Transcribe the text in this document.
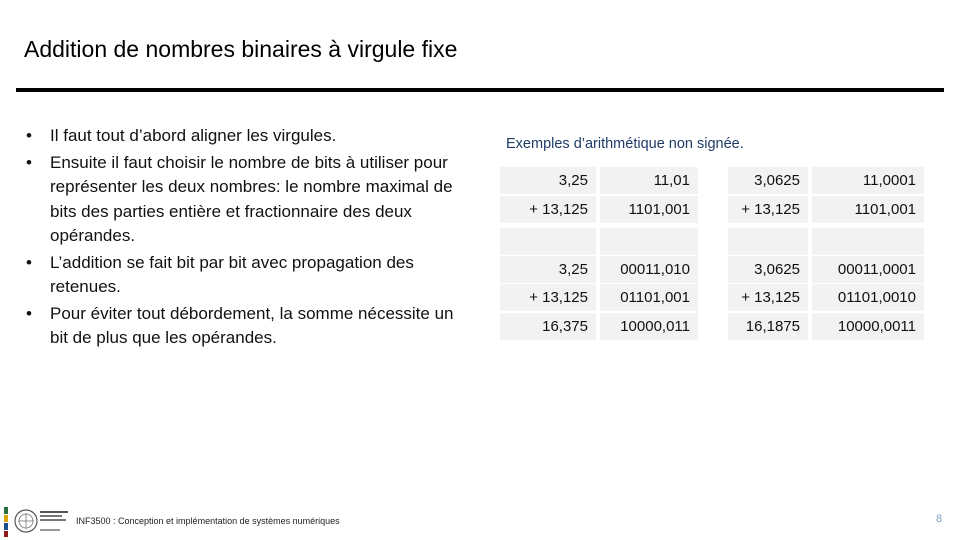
Addition de nombres binaires à virgule fixe
• Il faut tout d’abord aligner les virgules.
• Ensuite il faut choisir le nombre de bits à utiliser pour représenter les deux nombres: le nombre maximal de bits des parties entière et fractionnaire des deux opérandes.
• L’addition se fait bit par bit avec propagation des retenues.
• Pour éviter tout débordement, la somme nécessite un bit de plus que les opérandes.
Exemples d’arithmétique non signée.
3,25	11,01
+ 13,125	1101,001
3,25	00011,010
+ 13,125	01101,001
16,375	10000,011
3,0625	11,0001
+ 13,125	1101,001
3,0625	00011,0001
+ 13,125	01101,0010
16,1875	10000,0011
INF3500 : Conception et implémentation de systèmes numériques	8
